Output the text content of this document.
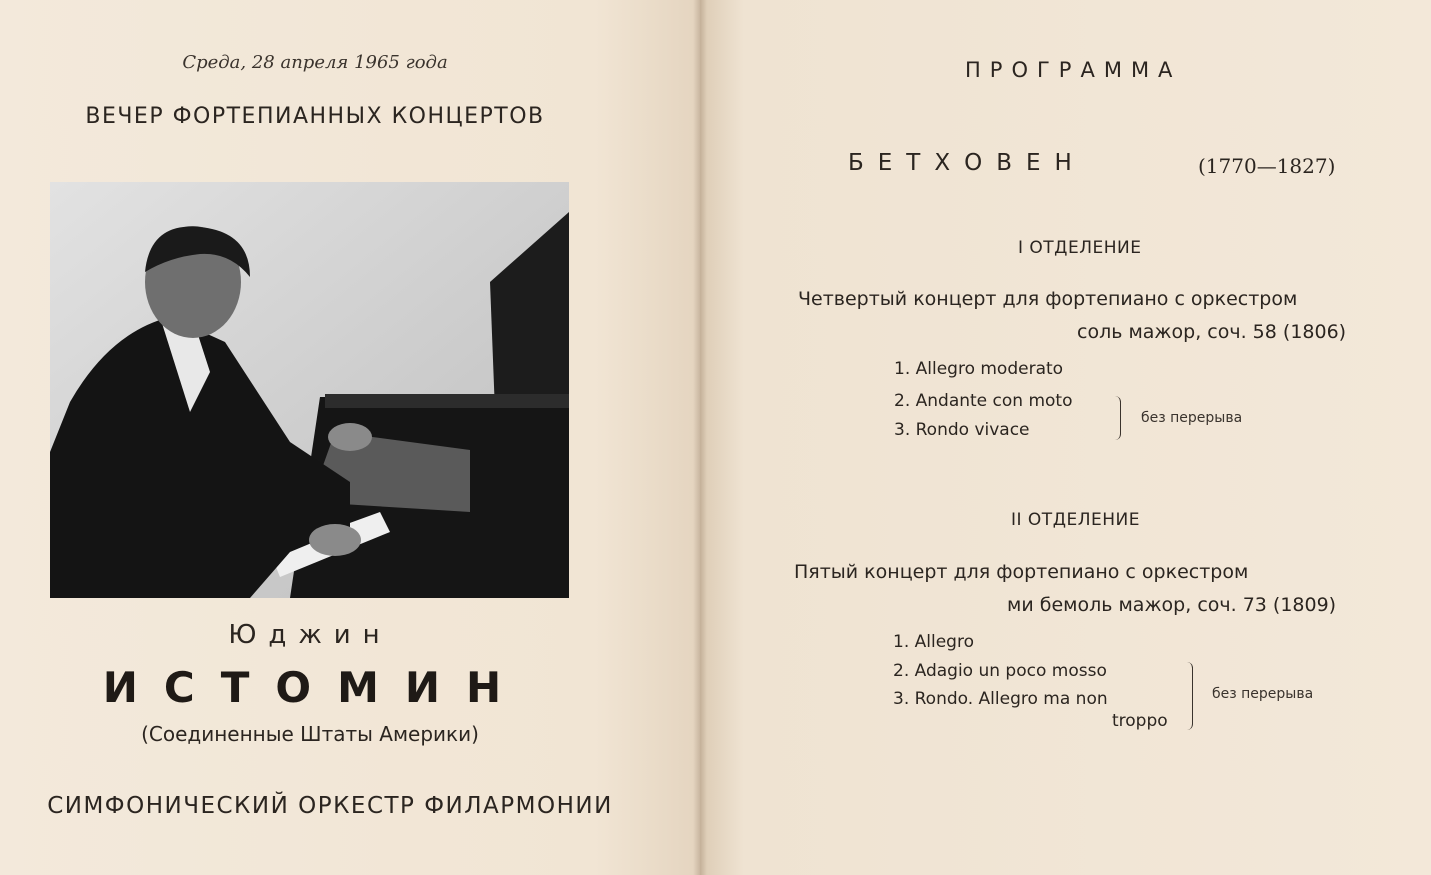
Среда, 28 апреля 1965 года
ВЕЧЕР ФОРТЕПИАННЫХ КОНЦЕРТОВ
Юджин
ИСТОМИН
(Соединенные Штаты Америки)
СИМФОНИЧЕСКИЙ ОРКЕСТР ФИЛАРМОНИИ
ПРОГРАММА
БЕТХОВЕН	(1770—1827)
I ОТДЕЛЕНИЕ
Четвертый концерт для фортепиано с оркестром
соль мажор, соч. 58 (1806)
1. Allegro moderato
2. Andante con moto
3. Rondo vivace
без перерыва
II ОТДЕЛЕНИЕ
Пятый концерт для фортепиано с оркестром
ми бемоль мажор, соч. 73 (1809)
1. Allegro
2. Adagio un poco mosso
3. Rondo. Allegro ma non
troppo
без перерыва
